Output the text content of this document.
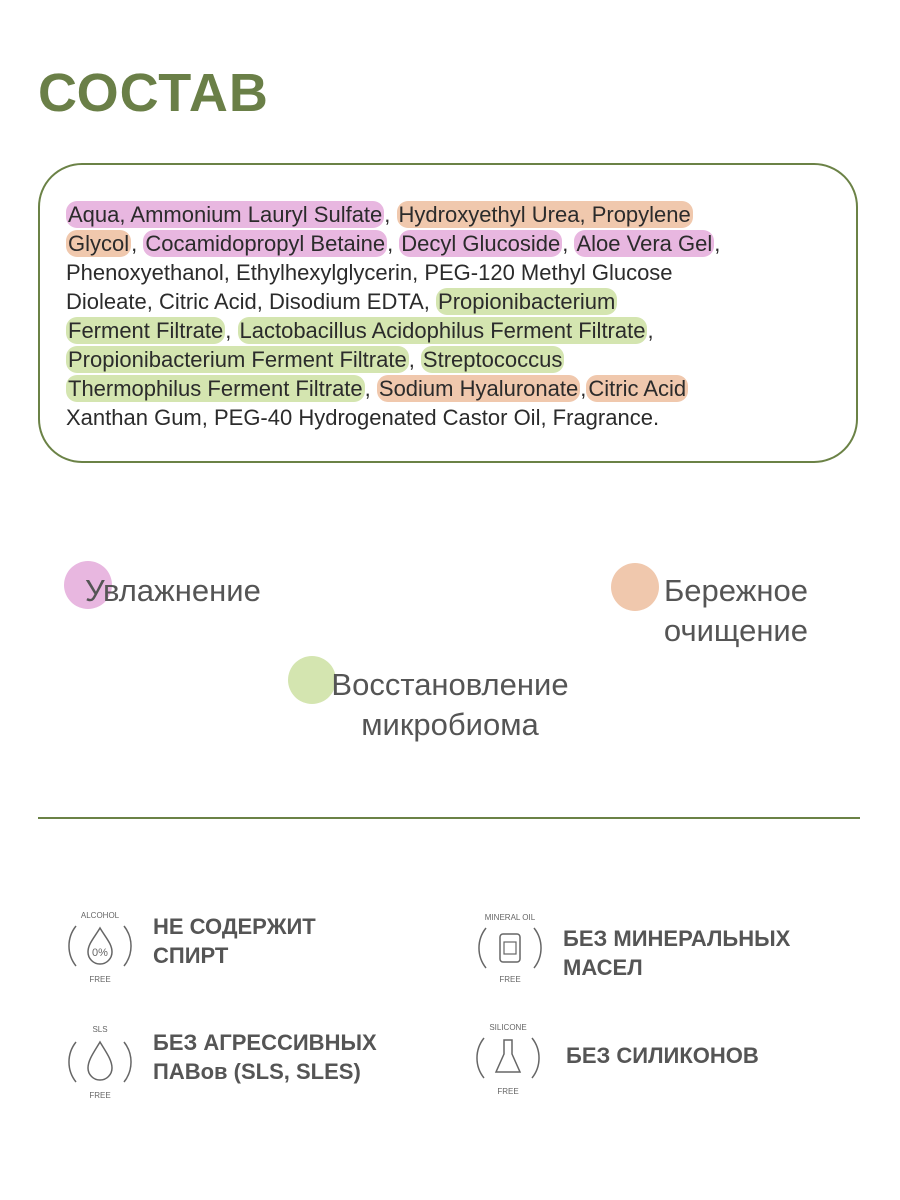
СОСТАВ
Aqua, Ammonium Lauryl Sulfate, Hydroxyethyl Urea, Propylene
Glycol, Cocamidopropyl Betaine, Decyl Glucoside, Aloe Vera Gel,
Phenoxyethanol, Ethylhexylglycerin, PEG-120 Methyl Glucose
Dioleate, Citric Acid, Disodium EDTA, Propionibacterium
Ferment Filtrate, Lactobacillus Acidophilus Ferment Filtrate,
Propionibacterium Ferment Filtrate, Streptococcus
Thermophilus Ferment Filtrate, Sodium Hyaluronate,Citric Acid
Xanthan Gum, PEG-40 Hydrogenated Castor Oil, Fragrance.
Увлажнение	Бережное
очищение
Восстановление
микробиома
ALCOHOL
0%
FREE
НЕ СОДЕРЖИТ
СПИРТ
MINERAL OIL
FREE
БЕЗ МИНЕРАЛЬНЫХ
МАСЕЛ
SLS
FREE
БЕЗ АГРЕССИВНЫХ
ПАВов (SLS, SLES)
SILICONE
FREE
БЕЗ СИЛИКОНОВ
